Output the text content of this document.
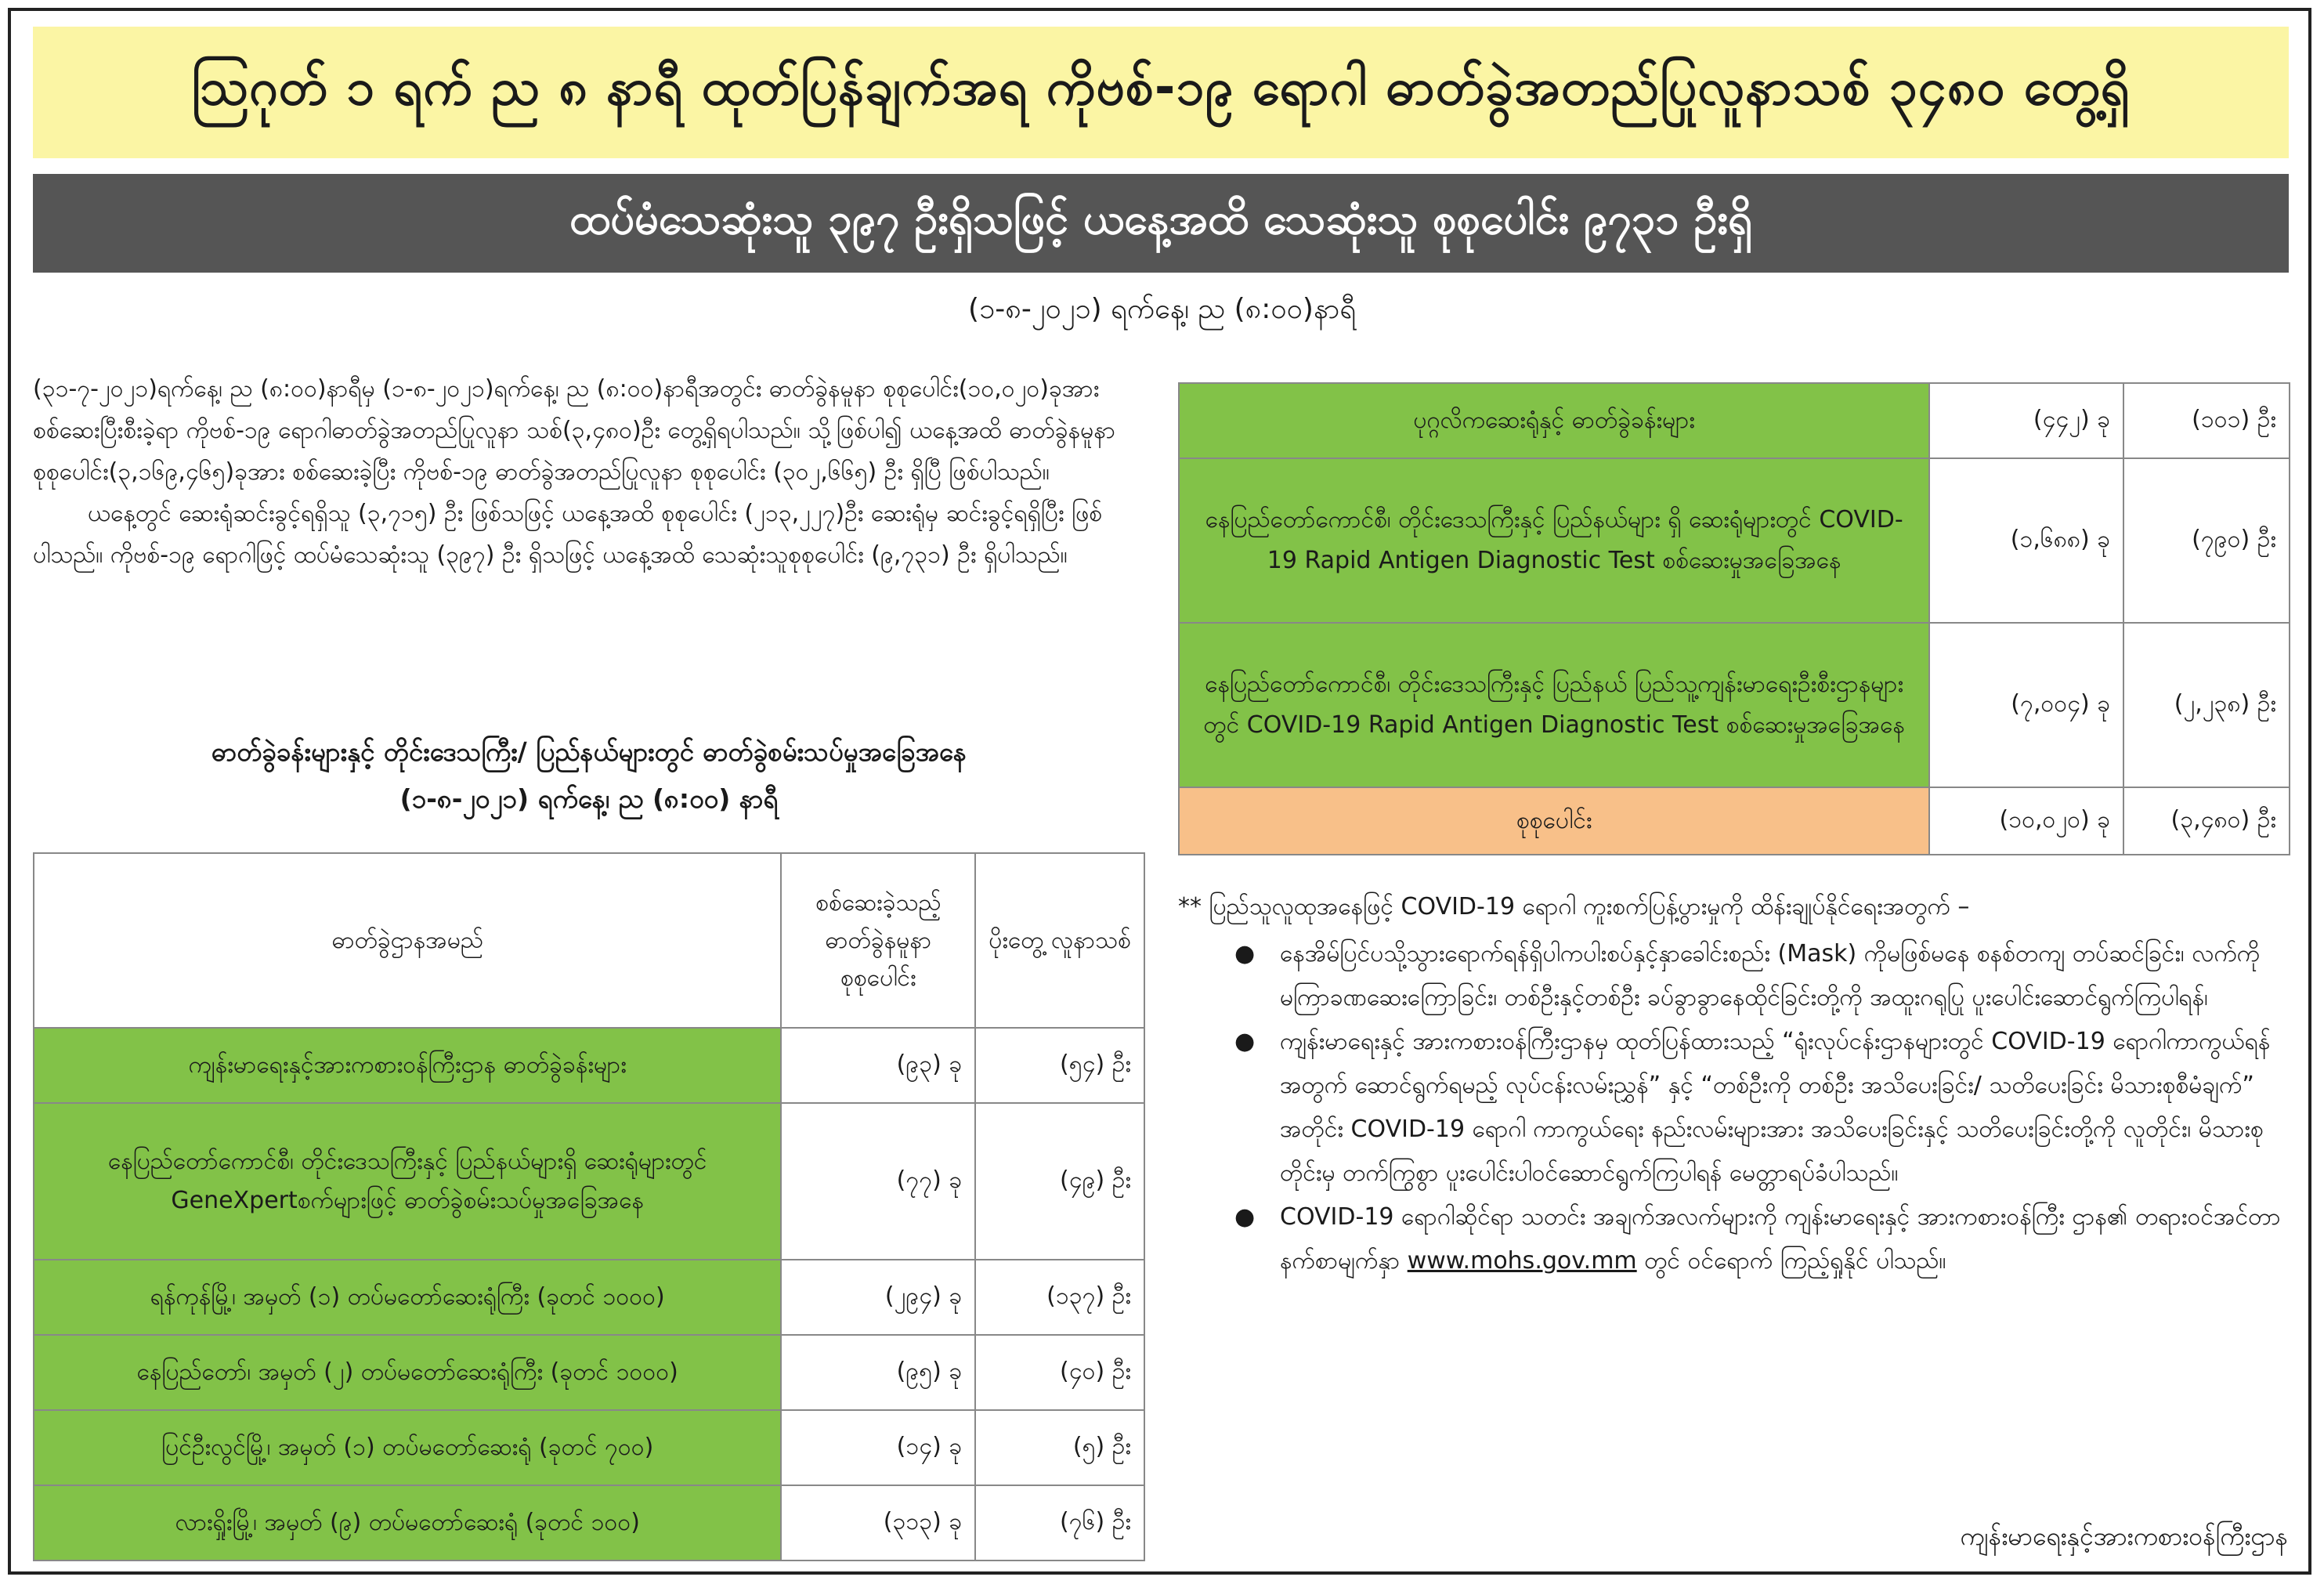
ဩဂုတ် ၁ ရက် ည ၈ နာရီ ထုတ်ပြန်ချက်အရ ကိုဗစ်-၁၉ ရောဂါ ဓာတ်ခွဲအတည်ပြုလူနာသစ် ၃၄၈၀ တွေ့ရှိ
ထပ်မံသေဆုံးသူ ၃၉၇ ဦးရှိသဖြင့် ယနေ့အထိ သေဆုံးသူ စုစုပေါင်း ၉၇၃၁ ဦးရှိ
(၁-၈-၂၀၂၁) ရက်နေ့၊ ည (၈:၀၀)နာရီ

(၃၁-၇-၂၀၂၁)ရက်နေ့၊ ည (၈:၀၀)နာရီမှ (၁-၈-၂၀၂၁)ရက်နေ့၊ ည (၈:၀၀)နာရီအတွင်း ဓာတ်ခွဲနမူနာ စုစုပေါင်း(၁၀,၀၂၀)ခုအားစစ်ဆေးပြီးစီးခဲ့ရာ ကိုဗစ်-၁၉ ရောဂါဓာတ်ခွဲအတည်ပြုလူနာ သစ်(၃,၄၈၀)ဦး တွေ့ရှိရပါသည်။ သို့ဖြစ်ပါ၍ ယနေ့အထိ ဓာတ်ခွဲနမူနာစုစုပေါင်း(၃,၁၆၉,၄၆၅)ခုအား စစ်ဆေးခဲ့ပြီး ကိုဗစ်-၁၉ ဓာတ်ခွဲအတည်ပြုလူနာ စုစုပေါင်း (၃၀၂,၆၆၅) ဦး ရှိပြီ ဖြစ်ပါသည်။

ယနေ့တွင် ဆေးရုံဆင်းခွင့်ရရှိသူ (၃,၇၁၅) ဦး ဖြစ်သဖြင့် ယနေ့အထိ စုစုပေါင်း (၂၁၃,၂၂၇)ဦး ဆေးရုံမှ ဆင်းခွင့်ရရှိပြီး ဖြစ်ပါသည်။ ကိုဗစ်-၁၉ ရောဂါဖြင့် ထပ်မံသေဆုံးသူ (၃၉၇) ဦး ရှိသဖြင့် ယနေ့အထိ သေဆုံးသူစုစုပေါင်း (၉,၇၃၁) ဦး ရှိပါသည်။

ဓာတ်ခွဲခန်းများနှင့် တိုင်းဒေသကြီး/ ပြည်နယ်များတွင် ဓာတ်ခွဲစမ်းသပ်မှုအခြေအနေ
(၁-၈-၂၀၂၁) ရက်နေ့၊ ည (၈:၀၀) နာရီ
ဓာတ်ခွဲဌာနအမည်	စစ်ဆေးခဲ့သည့် ဓာတ်ခွဲနမူနာ စုစုပေါင်း	ပိုးတွေ့ လူနာသစ်
ကျန်းမာရေးနှင့်အားကစားဝန်ကြီးဌာန ဓာတ်ခွဲခန်းများ	(၉၃) ခု	(၅၄) ဦး
နေပြည်တော်ကောင်စီ၊ တိုင်းဒေသကြီးနှင့် ပြည်နယ်များရှိ ဆေးရုံများတွင် GeneXpertစက်များဖြင့် ဓာတ်ခွဲစမ်းသပ်မှုအခြေအနေ	(၇၇) ခု	(၄၉) ဦး
ရန်ကုန်မြို့၊ အမှတ် (၁) တပ်မတော်ဆေးရုံကြီး (ခုတင် ၁၀၀၀)	(၂၉၄) ခု	(၁၃၇) ဦး
နေပြည်တော်၊ အမှတ် (၂) တပ်မတော်ဆေးရုံကြီး (ခုတင် ၁၀၀၀)	(၉၅) ခု	(၄၀) ဦး
ပြင်ဦးလွင်မြို့၊ အမှတ် (၁) တပ်မတော်ဆေးရုံ (ခုတင် ၇၀၀)	(၁၄) ခု	(၅) ဦး
လားရှိုးမြို့၊ အမှတ် (၉) တပ်မတော်ဆေးရုံ (ခုတင် ၁၀၀)	(၃၁၃) ခု	(၇၆) ဦး
ပုဂ္ဂလိကဆေးရုံနှင့် ဓာတ်ခွဲခန်းများ	(၄၄၂) ခု	(၁၀၁) ဦး
နေပြည်တော်ကောင်စီ၊ တိုင်းဒေသကြီးနှင့် ပြည်နယ်များ ရှိ ဆေးရုံများတွင် COVID-19 Rapid Antigen Diagnostic Test စစ်ဆေးမှုအခြေအနေ	(၁,၆၈၈) ခု	(၇၉၀) ဦး
နေပြည်တော်ကောင်စီ၊ တိုင်းဒေသကြီးနှင့် ပြည်နယ် ပြည်သူ့ကျန်းမာရေးဦးစီးဌာနများတွင် COVID-19 Rapid Antigen Diagnostic Test စစ်ဆေးမှုအခြေအနေ	(၇,၀၀၄) ခု	(၂,၂၃၈) ဦး
စုစုပေါင်း	(၁၀,၀၂၀) ခု	(၃,၄၈၀) ဦး

** ပြည်သူလူထုအနေဖြင့် COVID-19 ရောဂါ ကူးစက်ပြန့်ပွားမှုကို ထိန်းချုပ်နိုင်ရေးအတွက် –

● နေအိမ်ပြင်ပသို့သွားရောက်ရန်ရှိပါကပါးစပ်နှင့်နှာခေါင်းစည်း (Mask) ကိုမဖြစ်မနေ စနစ်တကျ တပ်ဆင်ခြင်း၊ လက်ကိုမကြာခဏဆေးကြောခြင်း၊ တစ်ဦးနှင့်တစ်ဦး ခပ်ခွာခွာနေထိုင်ခြင်းတို့ကို အထူးဂရုပြု ပူးပေါင်းဆောင်ရွက်ကြပါရန်၊
● ကျန်းမာရေးနှင့် အားကစားဝန်ကြီးဌာနမှ ထုတ်ပြန်ထားသည့် “ရုံးလုပ်ငန်းဌာနများတွင် COVID-19 ရောဂါကာကွယ်ရန်အတွက် ဆောင်ရွက်ရမည့် လုပ်ငန်းလမ်းညွှန်” နှင့် “တစ်ဦးကို တစ်ဦး အသိပေးခြင်း/ သတိပေးခြင်း မိသားစုစီမံချက်” အတိုင်း COVID-19 ရောဂါ ကာကွယ်ရေး နည်းလမ်းများအား အသိပေးခြင်းနှင့် သတိပေးခြင်းတို့ကို လူတိုင်း၊ မိသားစုတိုင်းမှ တက်ကြွစွာ ပူးပေါင်းပါဝင်ဆောင်ရွက်ကြပါရန် မေတ္တာရပ်ခံပါသည်။
● COVID-19 ရောဂါဆိုင်ရာ သတင်း အချက်အလက်များကို ကျန်းမာရေးနှင့် အားကစားဝန်ကြီး ဌာန၏ တရားဝင်အင်တာနက်စာမျက်နှာ www.mohs.gov.mm တွင် ဝင်ရောက် ကြည့်ရှုနိုင် ပါသည်။
ကျန်းမာရေးနှင့်အားကစားဝန်ကြီးဌာန
